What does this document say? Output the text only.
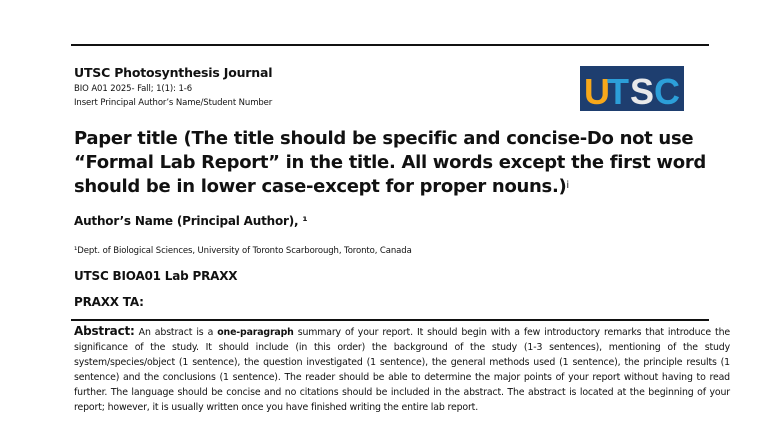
UTSC Photosynthesis Journal
BIO A01 2025- Fall; 1(1): 1-6
Insert Principal Author’s Name/Student Number	U
T S C
Paper title (The title should be specific and concise-Do not use “Formal Lab Report” in the title. All words except the first word should be in lower case-except for proper nouns.)$^i$
Author’s Name (Principal Author), ¹
¹Dept. of Biological Sciences, University of Toronto Scarborough, Toronto, Canada
UTSC BIOA01 Lab PRAXX
PRAXX TA:
Abstract: An abstract is a one-paragraph summary of your report. It should begin with a few introductory remarks that introduce the significance of the study. It should include (in this order) the background of the study (1-3 sentences), mentioning of the study system/species/object (1 sentence), the question investigated (1 sentence), the general methods used (1 sentence), the principle results (1 sentence) and the conclusions (1 sentence). The reader should be able to determine the major points of your report without having to read further. The language should be concise and no citations should be included in the abstract. The abstract is located at the beginning of your report; however, it is usually written once you have finished writing the entire lab report.
